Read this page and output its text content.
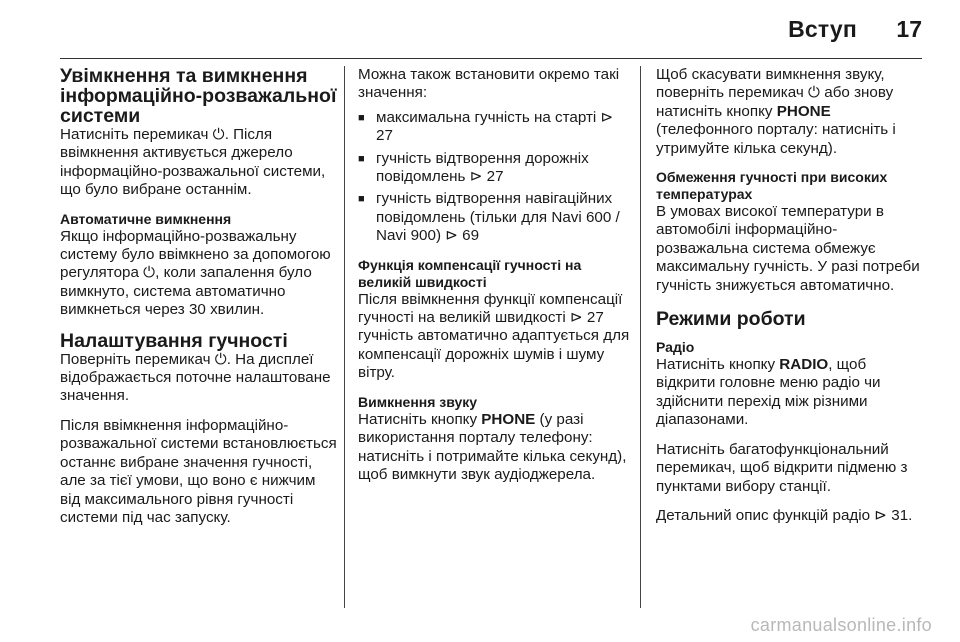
Вступ 17
Увімкнення та вимкнення інформаційно-розважальної системи

Натисніть перемикач ⏻. Після ввімкнення активується джерело інформаційно-розважальної системи, що було вибране останнім.

Автоматичне вимкнення

Якщо інформаційно-розважальну систему було ввімкнено за допомогою регулятора ⏻, коли запалення було вимкнуто, система автоматично вимкнеться через 30 хвилин.

Налаштування гучності

Поверніть перемикач ⏻. На дисплеї відображається поточне налаштоване значення.

Після ввімкнення інформаційно-розважальної системи встановлюється останнє вибране значення гучності, але за тієї умови, що воно є нижчим від максимального рівня гучності системи під час запуску.

Можна також встановити окремо такі значення:

■ максимальна гучність на старті ⊳ 27
■ гучність відтворення дорожніх повідомлень ⊳ 27
■ гучність відтворення навігаційних повідомлень (тільки для Navi 600 / Navi 900) ⊳ 69
Функція компенсації гучності на великій швидкості

Після ввімкнення функції компенсації гучності на великій швидкості ⊳ 27 гучність автоматично адаптується для компенсації дорожніх шумів і шуму вітру.

Вимкнення звуку

Натисніть кнопку PHONE (у разі використання порталу телефону: натисніть і потримайте кілька секунд), щоб вимкнути звук аудіоджерела.

Щоб скасувати вимкнення звуку, поверніть перемикач ⏻ або знову натисніть кнопку PHONE (телефонного порталу: натисніть і утримуйте кілька секунд).

Обмеження гучності при високих температурах

В умовах високої температури в автомобілі інформаційно-розважальна система обмежує максимальну гучність. У разі потреби гучність знижується автоматично.

Режими роботи
Радіо

Натисніть кнопку RADIO, щоб відкрити головне меню радіо чи здійснити перехід між різними діапазонами.

Натисніть багатофункціональний перемикач, щоб відкрити підменю з пунктами вибору станції.

Детальний опис функцій радіо ⊳ 31.

carmanualsonline.info
